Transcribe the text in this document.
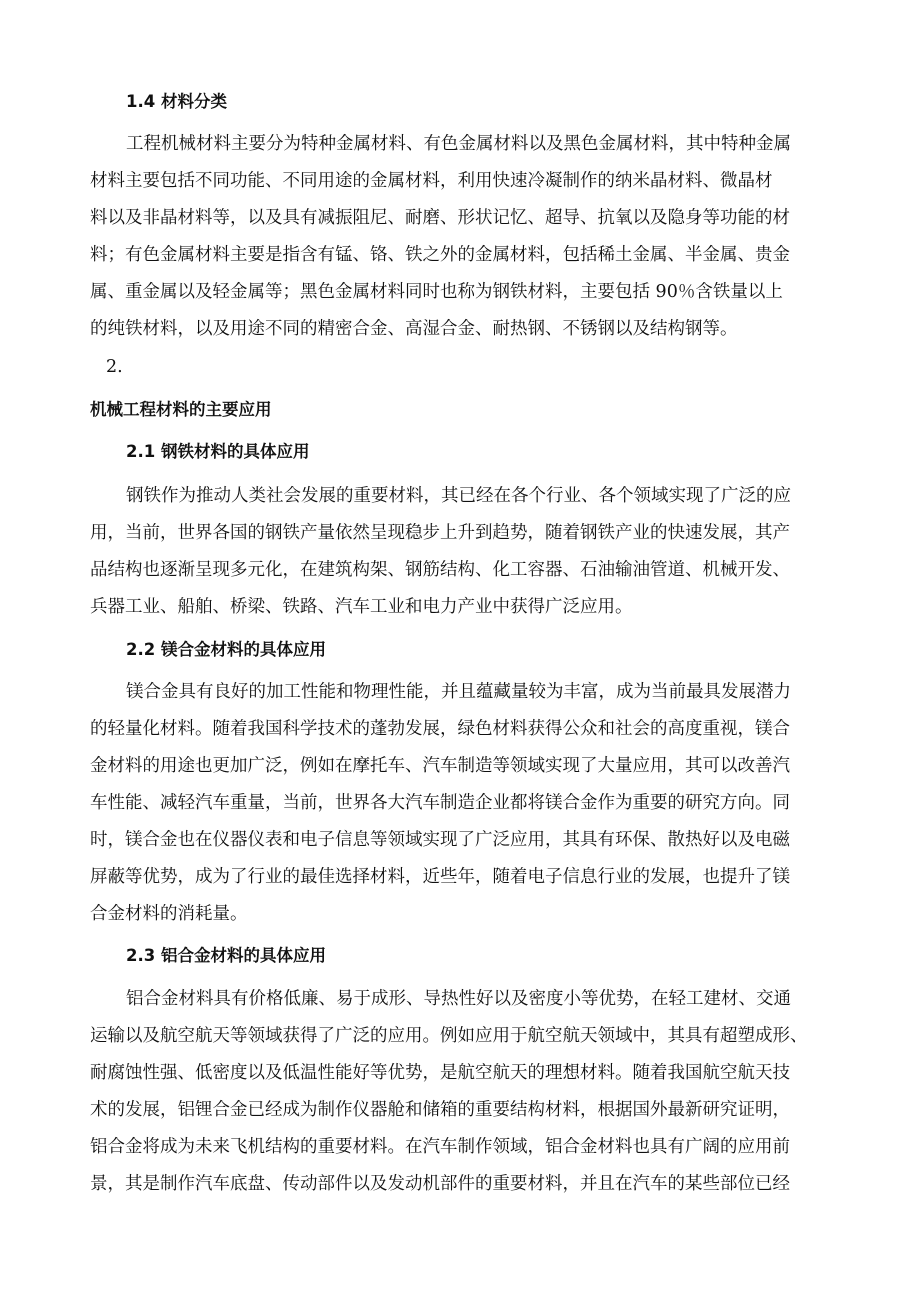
1.4 材料分类
工程机械材料主要分为特种金属材料、有色金属材料以及黑色金属材料，其中特种金属
材料主要包括不同功能、不同用途的金属材料，利用快速冷凝制作的纳米晶材料、微晶材
料以及非晶材料等，以及具有减振阻尼、耐磨、形状记忆、超导、抗氧以及隐身等功能的材
料；有色金属材料主要是指含有锰、铬、铁之外的金属材料，包括稀土金属、半金属、贵金
属、重金属以及轻金属等；黑色金属材料同时也称为钢铁材料，主要包括 90％含铁量以上
的纯铁材料，以及用途不同的精密合金、高湿合金、耐热钢、不锈钢以及结构钢等。
2.
机械工程材料的主要应用
2.1 钢铁材料的具体应用
钢铁作为推动人类社会发展的重要材料，其已经在各个行业、各个领域实现了广泛的应
用，当前，世界各国的钢铁产量依然呈现稳步上升到趋势，随着钢铁产业的快速发展，其产
品结构也逐渐呈现多元化，在建筑构架、钢筋结构、化工容器、石油输油管道、机械开发、
兵器工业、船舶、桥梁、铁路、汽车工业和电力产业中获得广泛应用。
2.2 镁合金材料的具体应用
镁合金具有良好的加工性能和物理性能，并且蕴藏量较为丰富，成为当前最具发展潜力
的轻量化材料。随着我国科学技术的蓬勃发展，绿色材料获得公众和社会的高度重视，镁合
金材料的用途也更加广泛，例如在摩托车、汽车制造等领域实现了大量应用，其可以改善汽
车性能、减轻汽车重量，当前，世界各大汽车制造企业都将镁合金作为重要的研究方向。同
时，镁合金也在仪器仪表和电子信息等领域实现了广泛应用，其具有环保、散热好以及电磁
屏蔽等优势，成为了行业的最佳选择材料，近些年，随着电子信息行业的发展，也提升了镁
合金材料的消耗量。
2.3 铝合金材料的具体应用
铝合金材料具有价格低廉、易于成形、导热性好以及密度小等优势，在轻工建材、交通
运输以及航空航天等领域获得了广泛的应用。例如应用于航空航天领域中，其具有超塑成形、
耐腐蚀性强、低密度以及低温性能好等优势，是航空航天的理想材料。随着我国航空航天技
术的发展，铝锂合金已经成为制作仪器舱和储箱的重要结构材料，根据国外最新研究证明，
铝合金将成为未来飞机结构的重要材料。在汽车制作领域，铝合金材料也具有广阔的应用前
景，其是制作汽车底盘、传动部件以及发动机部件的重要材料，并且在汽车的某些部位已经
